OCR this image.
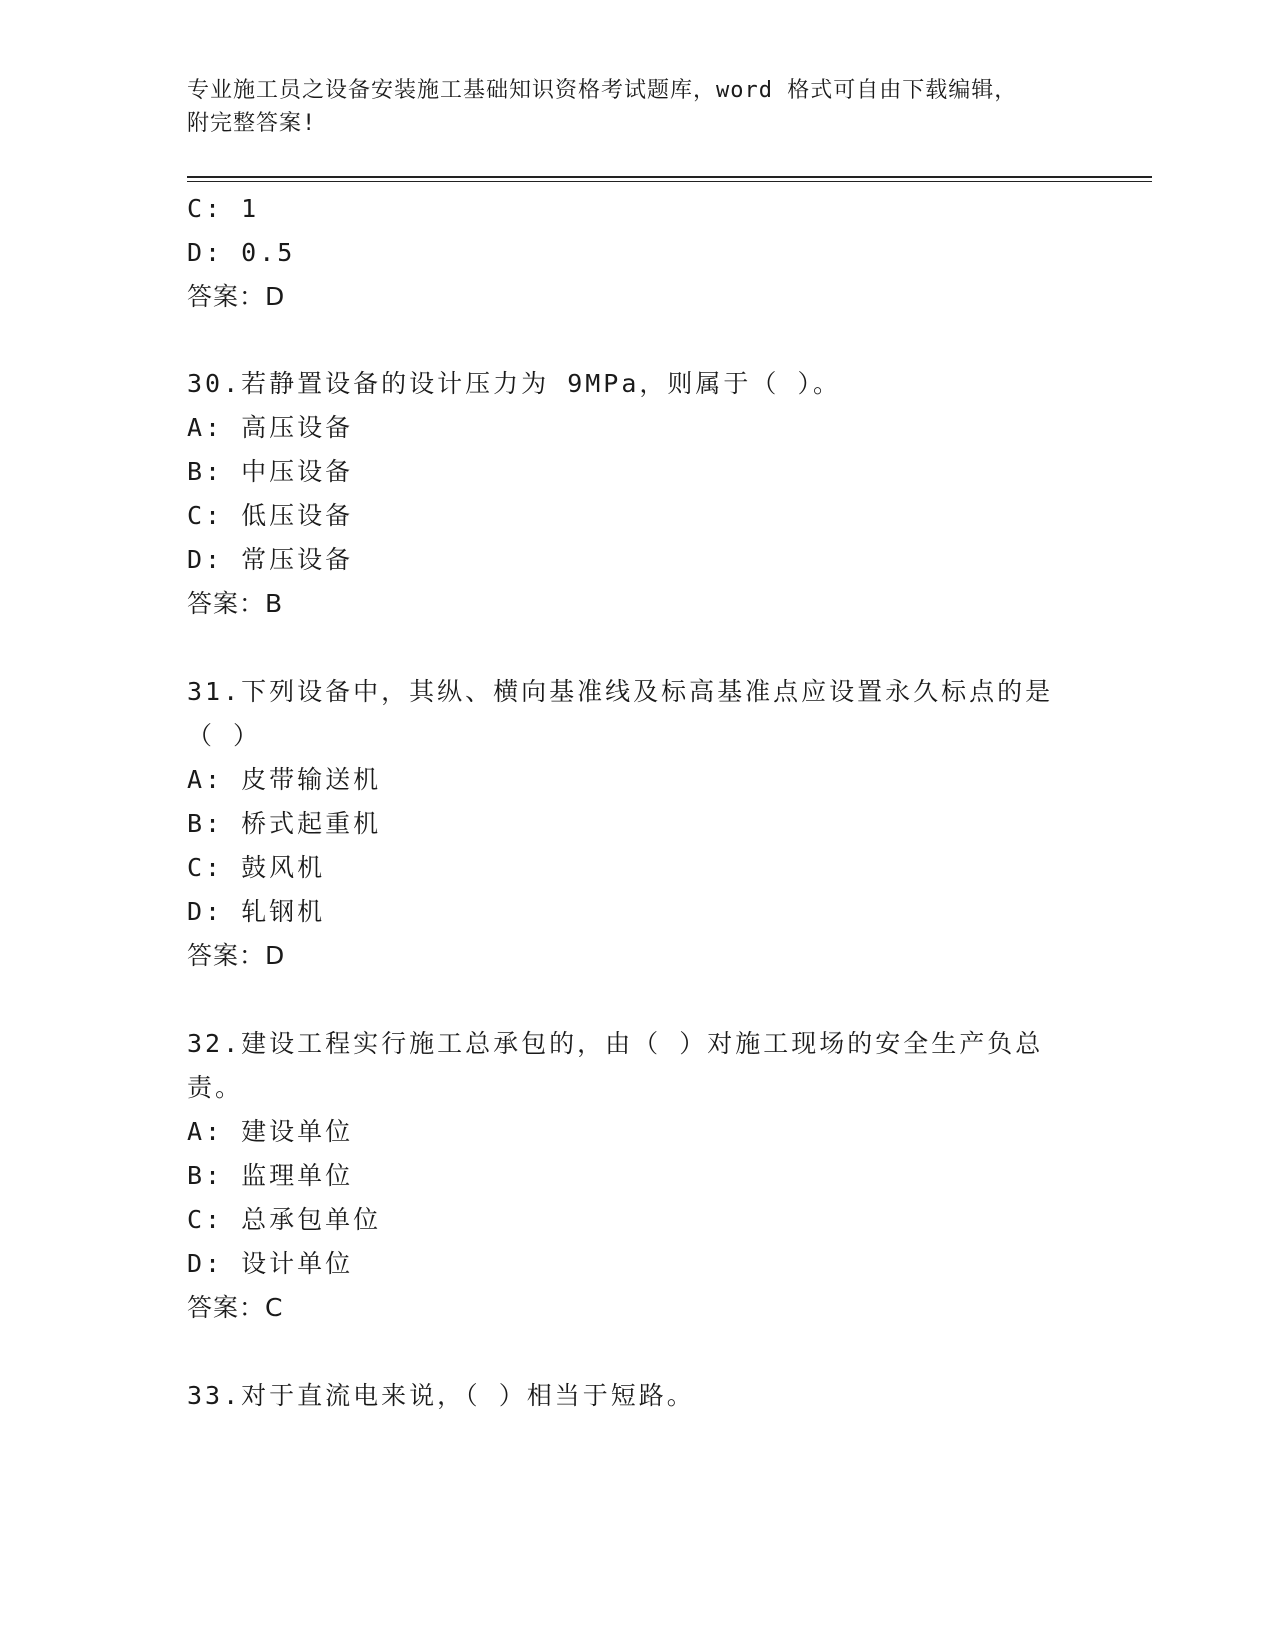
专业施工员之设备安装施工基础知识资格考试题库，word 格式可自由下载编辑，
附完整答案!
C: 1
D: 0.5
答案：D
30.若静置设备的设计压力为 9MPa，则属于（ ）。
A: 高压设备
B: 中压设备
C: 低压设备
D: 常压设备
答案：B
31.下列设备中，其纵、横向基准线及标高基准点应设置永久标点的是
（ ）
A: 皮带输送机
B: 桥式起重机
C: 鼓风机
D: 轧钢机
答案：D
32.建设工程实行施工总承包的，由（ ）对施工现场的安全生产负总
责。
A: 建设单位
B: 监理单位
C: 总承包单位
D: 设计单位
答案：C
33.对于直流电来说，（ ）相当于短路。
